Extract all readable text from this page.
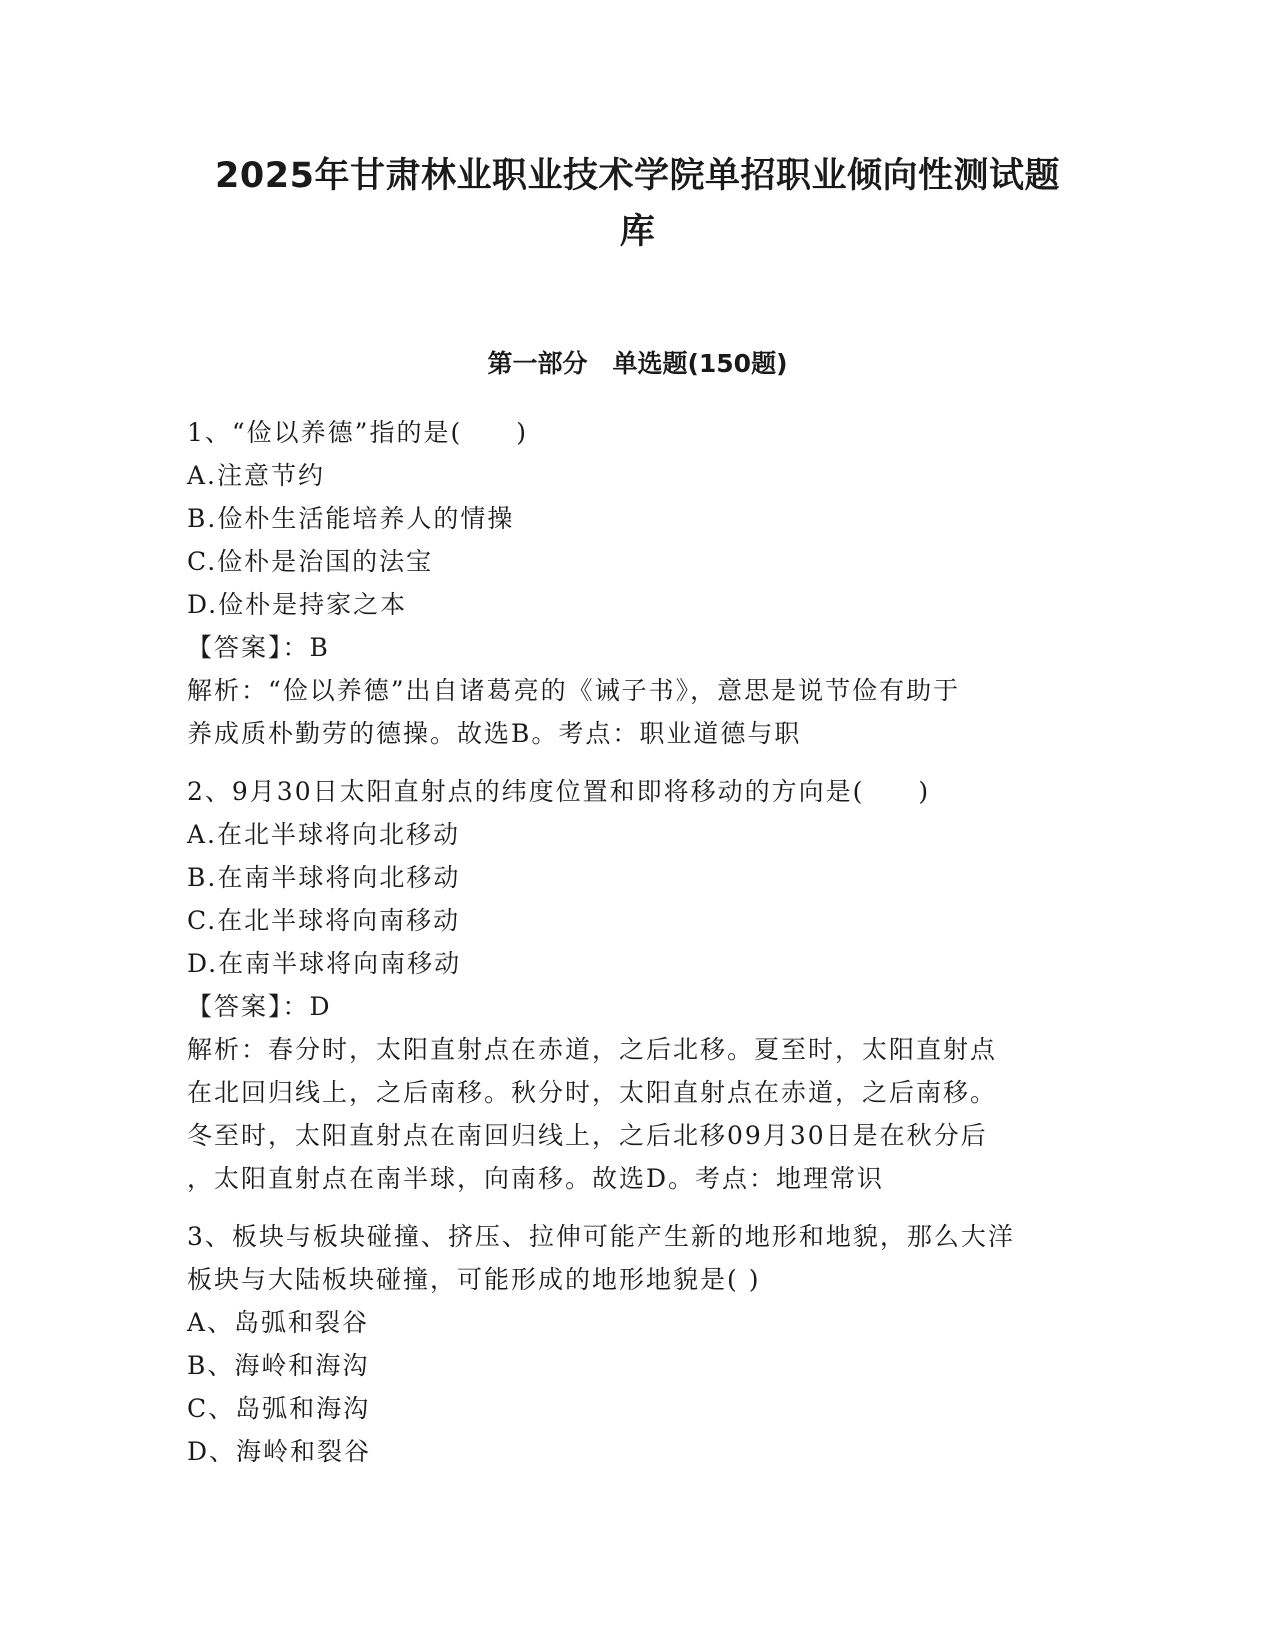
2025年甘肃林业职业技术学院单招职业倾向性测试题
库
第一部分　单选题(150题)
1、“俭以养德”指的是(　　)
A.注意节约
B.俭朴生活能培养人的情操
C.俭朴是治国的法宝
D.俭朴是持家之本
【答案】：B
解析：“俭以养德”出自诸葛亮的《诫子书》，意思是说节俭有助于
养成质朴勤劳的德操。故选B。考点：职业道德与职
2、9月30日太阳直射点的纬度位置和即将移动的方向是(　　)
A.在北半球将向北移动
B.在南半球将向北移动
C.在北半球将向南移动
D.在南半球将向南移动
【答案】：D
解析：春分时，太阳直射点在赤道，之后北移。夏至时，太阳直射点
在北回归线上，之后南移。秋分时，太阳直射点在赤道，之后南移。
冬至时，太阳直射点在南回归线上，之后北移09月30日是在秋分后
，太阳直射点在南半球，向南移。故选D。考点：地理常识
3、板块与板块碰撞、挤压、拉伸可能产生新的地形和地貌，那么大洋
板块与大陆板块碰撞，可能形成的地形地貌是( )
A、岛弧和裂谷
B、海岭和海沟
C、岛弧和海沟
D、海岭和裂谷
